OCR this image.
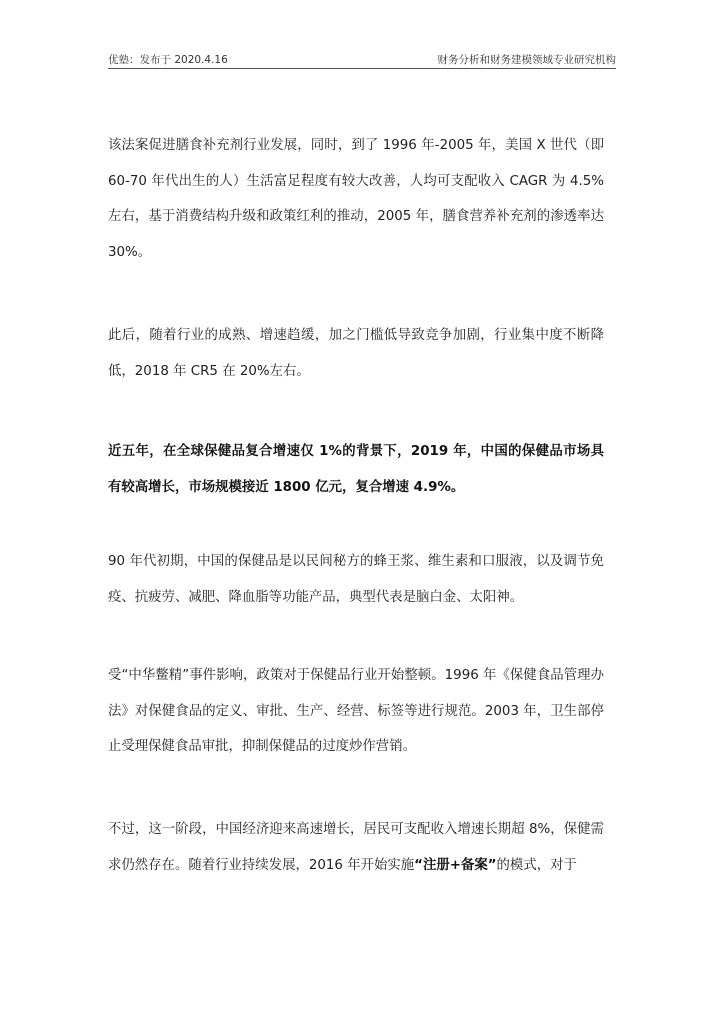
优塾：发布于 2020.4.16	财务分析和财务建模领域专业研究机构

该法案促进膳食补充剂行业发展，同时，到了 1996 年-2005 年，美国 X 世代（即 60-70 年代出生的人）生活富足程度有较大改善，人均可支配收入 CAGR 为 4.5%左右，基于消费结构升级和政策红利的推动，2005 年，膳食营养补充剂的渗透率达 30%。

此后，随着行业的成熟、增速趋缓，加之门槛低导致竞争加剧，行业集中度不断降低，2018 年 CR5 在 20%左右。

近五年，在全球保健品复合增速仅 1%的背景下，2019 年，中国的保健品市场具有较高增长，市场规模接近 1800 亿元，复合增速 4.9%。

90 年代初期，中国的保健品是以民间秘方的蜂王浆、维生素和口服液，以及调节免疫、抗疲劳、减肥、降血脂等功能产品，典型代表是脑白金、太阳神。

受“中华鳖精”事件影响，政策对于保健品行业开始整顿。1996 年《保健食品管理办法》对保健食品的定义、审批、生产、经营、标签等进行规范。2003 年，卫生部停止受理保健食品审批，抑制保健品的过度炒作营销。

不过，这一阶段，中国经济迎来高速增长，居民可支配收入增速长期超 8%，保健需求仍然存在。随着行业持续发展，2016 年开始实施“注册+备案”的模式，对于
